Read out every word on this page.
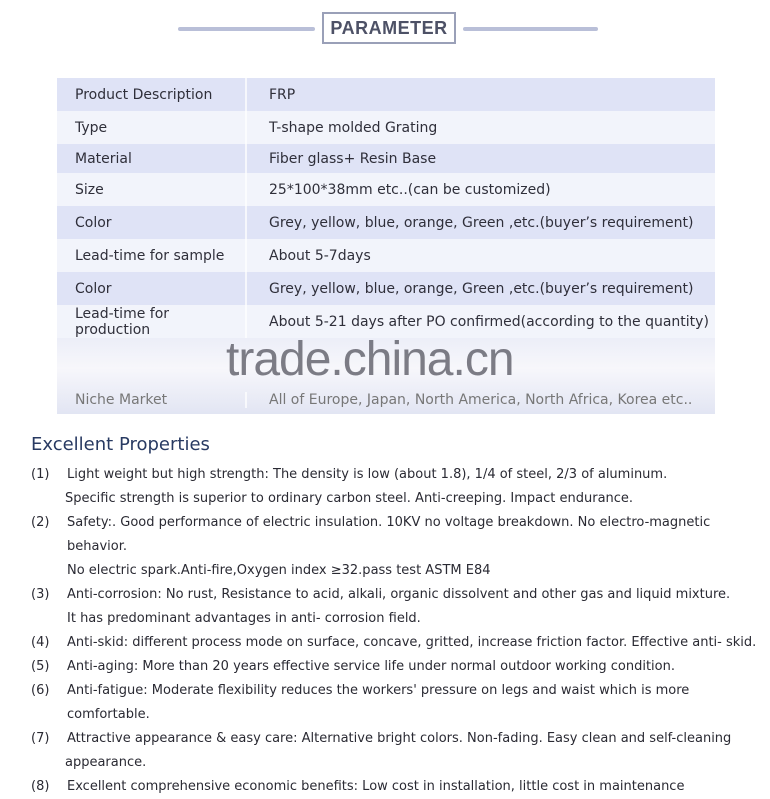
PARAMETER
Product Description	FRP
Type	T-shape molded Grating
Material	Fiber glass+ Resin Base
Size	25*100*38mm etc..(can be customized)
Color	Grey, yellow, blue, orange, Green ,etc.(buyer’s requirement)
Lead-time for sample	About 5-7days
Color	Grey, yellow, blue, orange, Green ,etc.(buyer’s requirement)
Lead-time for production	About 5-21 days after PO confirmed(according to the quantity)
Niche Market	All of Europe, Japan, North America, North Africa, Korea etc..
trade.china.cn
Excellent Properties
(1) Light weight but high strength: The density is low (about 1.8), 1/4 of steel, 2/3 of aluminum.
Specific strength is superior to ordinary carbon steel. Anti-creeping. Impact endurance.
(2) Safety:. Good performance of electric insulation. 10KV no voltage breakdown. No electro-magnetic behavior.
No electric spark.Anti-fire,Oxygen index ≥32.pass test ASTM E84
(3) Anti-corrosion: No rust, Resistance to acid, alkali, organic dissolvent and other gas and liquid mixture.
It has predominant advantages in anti- corrosion field.
(4) Anti-skid: different process mode on surface, concave, gritted, increase friction factor. Effective anti- skid.
(5) Anti-aging: More than 20 years effective service life under normal outdoor working condition.
(6) Anti-fatigue: Moderate flexibility reduces the workers' pressure on legs and waist which is more comfortable.
(7) Attractive appearance & easy care: Alternative bright colors. Non-fading. Easy clean and self-cleaning
appearance.
(8) Excellent comprehensive economic benefits: Low cost in installation, little cost in maintenance
